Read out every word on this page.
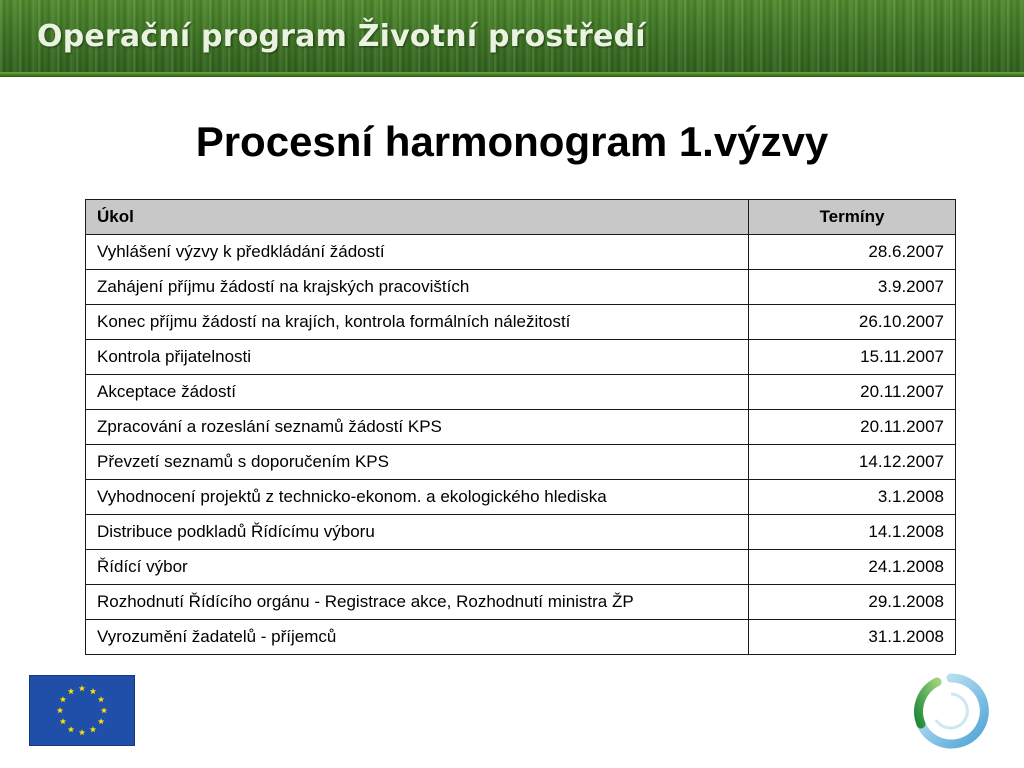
Operační program Životní prostředí
Procesní harmonogram 1.výzvy
Úkol	Termíny
Vyhlášení výzvy k předkládání žádostí	28.6.2007
Zahájení příjmu žádostí na krajských pracovištích	3.9.2007
Konec příjmu žádostí na krajích, kontrola formálních náležitostí	26.10.2007
Kontrola přijatelnosti	15.11.2007
Akceptace žádostí	20.11.2007
Zpracování a rozeslání seznamů žádostí KPS	20.11.2007
Převzetí seznamů s doporučením KPS	14.12.2007
Vyhodnocení projektů z technicko-ekonom. a ekologického hlediska	3.1.2008
Distribuce podkladů Řídícímu výboru	14.1.2008
Řídící výbor	24.1.2008
Rozhodnutí Řídícího orgánu - Registrace akce, Rozhodnutí ministra ŽP	29.1.2008
Vyrozumění žadatelů - příjemců	31.1.2008
